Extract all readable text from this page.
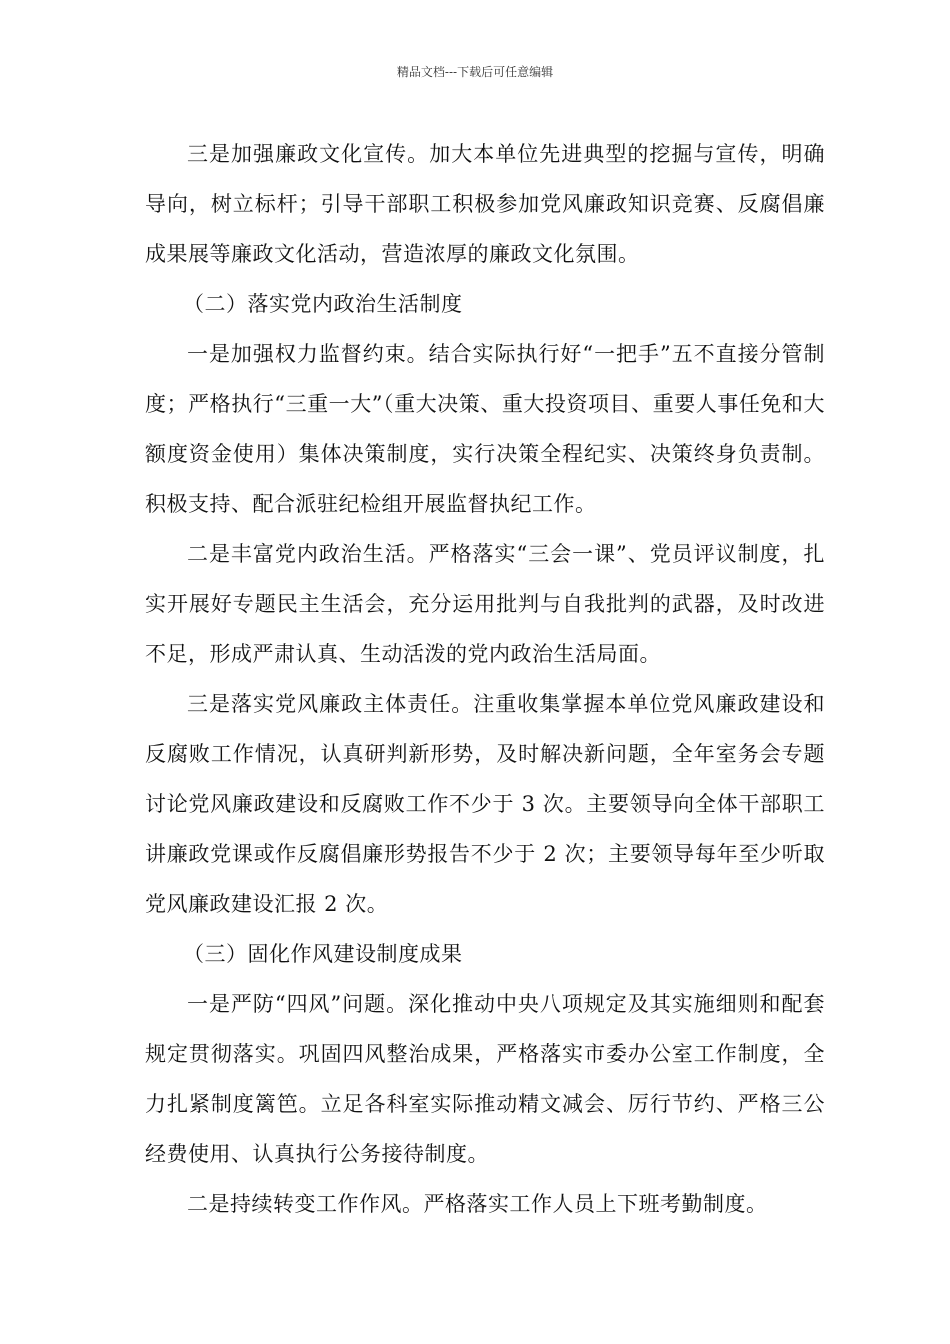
精品文档---下载后可任意编辑

三是加强廉政文化宣传。加大本单位先进典型的挖掘与宣传，明确导向，树立标杆；引导干部职工积极参加党风廉政知识竞赛、反腐倡廉成果展等廉政文化活动，营造浓厚的廉政文化氛围。

（二）落实党内政治生活制度

一是加强权力监督约束。结合实际执行好“一把手”五不直接分管制度；严格执行“三重一大”（重大决策、重大投资项目、重要人事任免和大额度资金使用）集体决策制度，实行决策全程纪实、决策终身负责制。积极支持、配合派驻纪检组开展监督执纪工作。

二是丰富党内政治生活。严格落实“三会一课”、党员评议制度，扎实开展好专题民主生活会，充分运用批判与自我批判的武器，及时改进不足，形成严肃认真、生动活泼的党内政治生活局面。

三是落实党风廉政主体责任。注重收集掌握本单位党风廉政建设和反腐败工作情况，认真研判新形势，及时解决新问题，全年室务会专题讨论党风廉政建设和反腐败工作不少于 3 次。主要领导向全体干部职工讲廉政党课或作反腐倡廉形势报告不少于 2 次；主要领导每年至少听取党风廉政建设汇报 2 次。

（三）固化作风建设制度成果

一是严防“四风”问题。深化推动中央八项规定及其实施细则和配套规定贯彻落实。巩固四风整治成果，严格落实市委办公室工作制度，全力扎紧制度篱笆。立足各科室实际推动精文减会、厉行节约、严格三公经费使用、认真执行公务接待制度。

二是持续转变工作作风。严格落实工作人员上下班考勤制度。
